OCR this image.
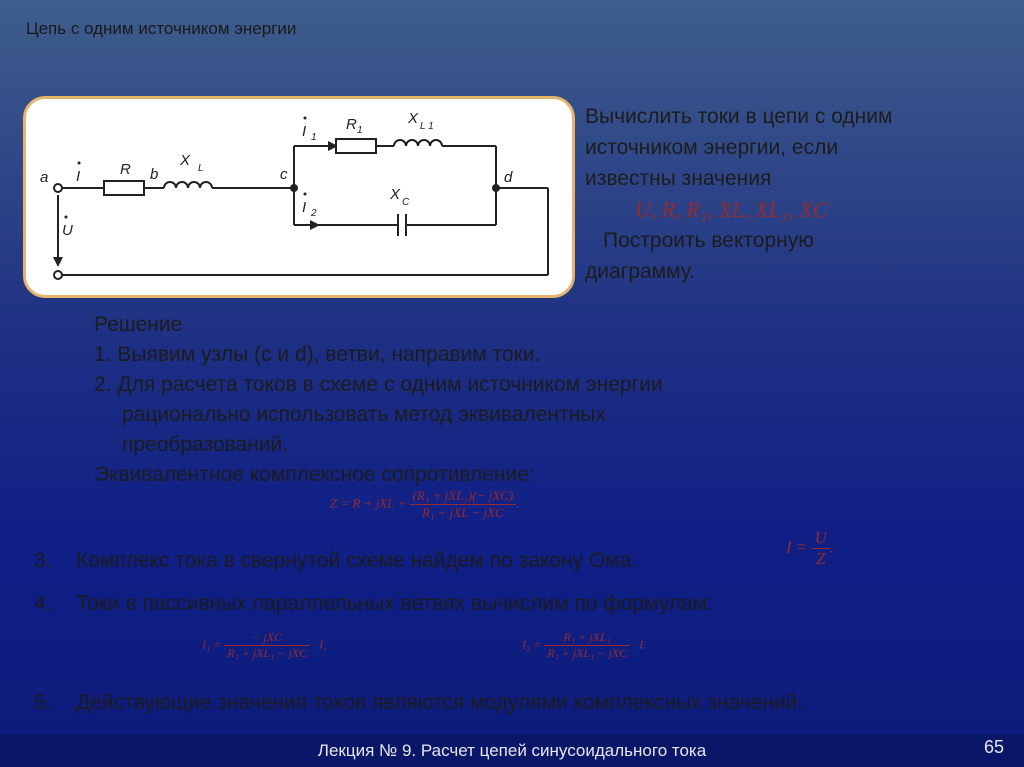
Цепь с одним источником энергии
a	b	c	d
I	R
X L
I 1
R 1
X L 1
I 2
X C
U
Вычислить токи в цепи с одним
источником энергии, если
известны значения
U, R, R₁, XL, XL₁, XC
Построить векторную
диаграмму.
Решение
1. Выявим узлы (c и d), ветви, направим токи.
2. Для расчета токов в схеме с одним источником энергии
рационально использовать метод эквивалентных
преобразований.
Эквивалентное комплексное сопротивление:
Z = R + jXL + $\frac{\text{(R₁ + jXL₁)(− jXC)}}{\text{R₁ + jXL − jXC}}$ .
3. Комплекс тока в свернутой схеме найдем по закону Ома:
$I = \frac{U}{Z}$ .
4. Токи в пассивных параллельных ветвях вычислим по формулам:
$I_1 = \frac{\text{− jXC}}{\text{R₁ + jXL₁ − jXC}} \cdot I$,	$I_2 = \frac{\text{R₁ + jXL₁}}{\text{R₁ + jXL₁ − jXC}} \cdot I$.
5. Действующие значения токов являются модулями комплексных значений.
Лекция № 9. Расчет цепей синусоидального тока	65
